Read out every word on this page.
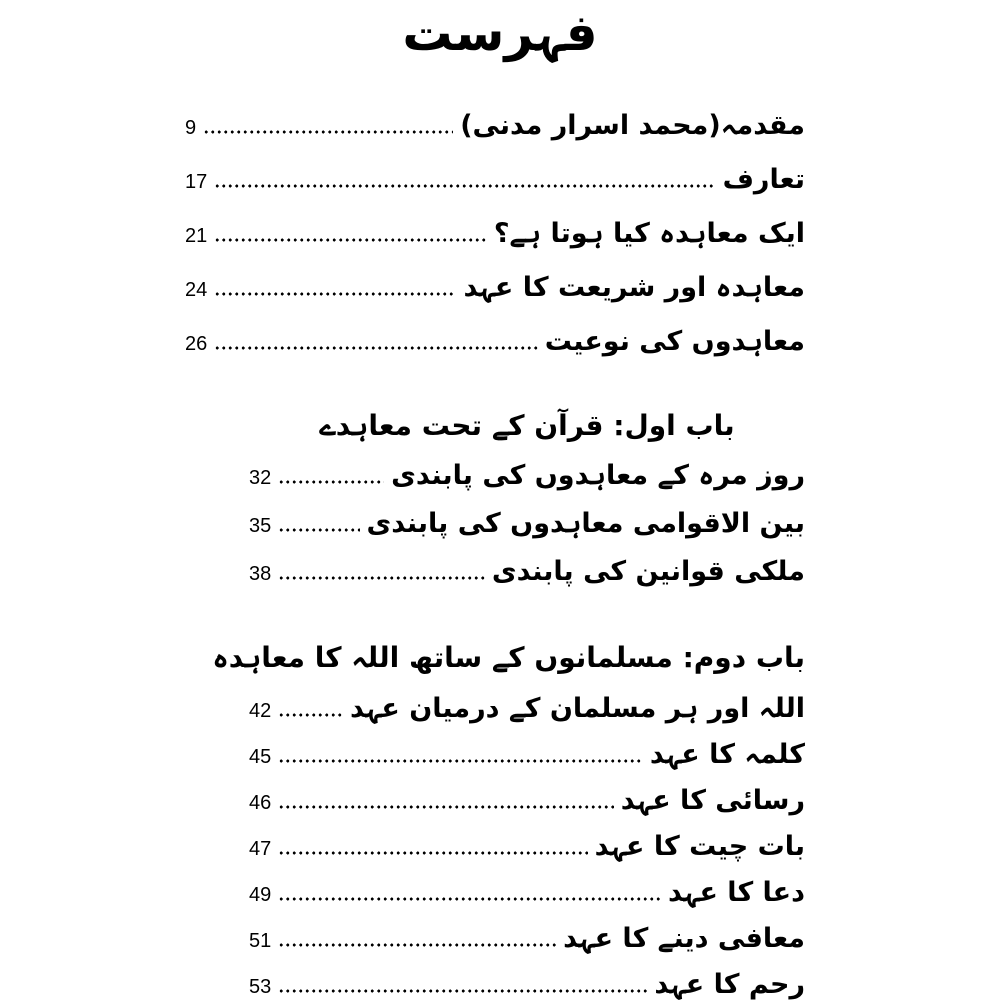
فہرست
9	مقدمہ(محمد اسرار مدنی)
17	تعارف
21	ایک معاہدہ کیا ہوتا ہے؟
24	معاہدہ اور شریعت کا عہد
26	معاہدوں کی نوعیت
باب اول: قرآن کے تحت معاہدے
32	روز مرہ کے معاہدوں کی پابندی
35	بین الاقوامی معاہدوں کی پابندی
38	ملکی قوانین کی پابندی
باب دوم: مسلمانوں کے ساتھ اللہ کا معاہدہ
42	اللہ اور ہر مسلمان کے درمیان عہد
45	کلمہ کا عہد
46	رسائی کا عہد
47	بات چیت کا عہد
49	دعا کا عہد
51	معافی دینے کا عہد
53	رحم کا عہد
